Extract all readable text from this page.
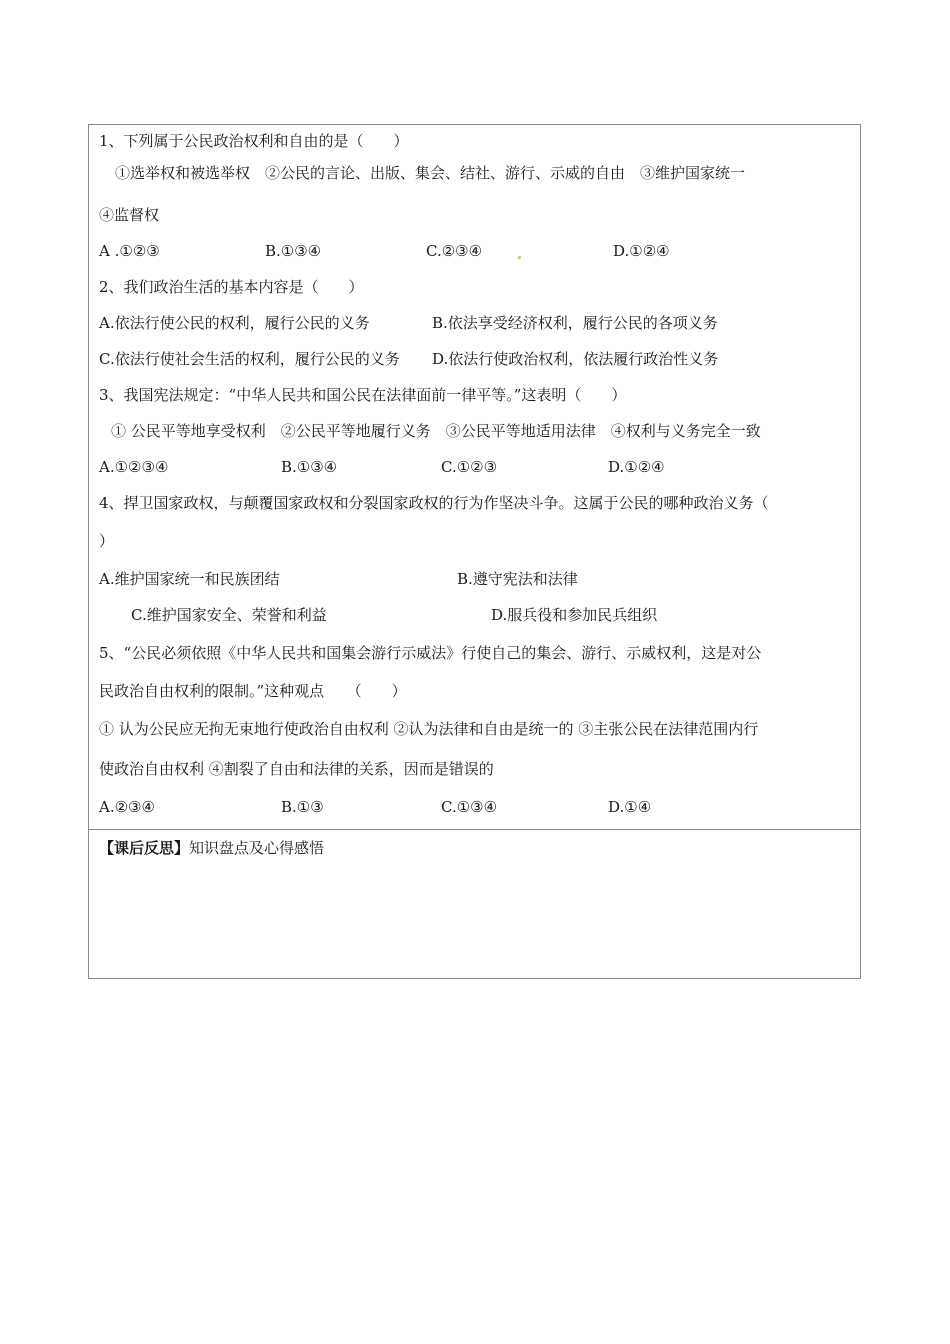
1、下列属于公民政治权利和自由的是（　　）
①选举权和被选举权　②公民的言论、出版、集会、结社、游行、示威的自由　③维护国家统一
④监督权
A .①②③	B.①③④	C.②③④	D.①②④
2、我们政治生活的基本内容是（　　）
A.依法行使公民的权利，履行公民的义务	B.依法享受经济权利，履行公民的各项义务
C.依法行使社会生活的权利，履行公民的义务 D.依法行使政治权利，依法履行政治性义务
3、我国宪法规定：“中华人民共和国公民在法律面前一律平等。”这表明（　　）
① 公民平等地享受权利　②公民平等地履行义务　③公民平等地适用法律　④权利与义务完全一致
A.①②③④	B.①③④	C.①②③	D.①②④
4、捍卫国家政权，与颠覆国家政权和分裂国家政权的行为作坚决斗争。这属于公民的哪种政治义务（
）
A.维护国家统一和民族团结	B.遵守宪法和法律
C.维护国家安全、荣誉和利益	D.服兵役和参加民兵组织
5、“公民必须依照《中华人民共和国集会游行示威法》行使自己的集会、游行、示威权利，这是对公
民政治自由权利的限制。”这种观点　　（　　）
① 认为公民应无拘无束地行使政治自由权利 ②认为法律和自由是统一的 ③主张公民在法律范围内行
使政治自由权利 ④割裂了自由和法律的关系，因而是错误的
A.②③④	B.①③	C.①③④	D.①④
【课后反思】知识盘点及心得感悟
